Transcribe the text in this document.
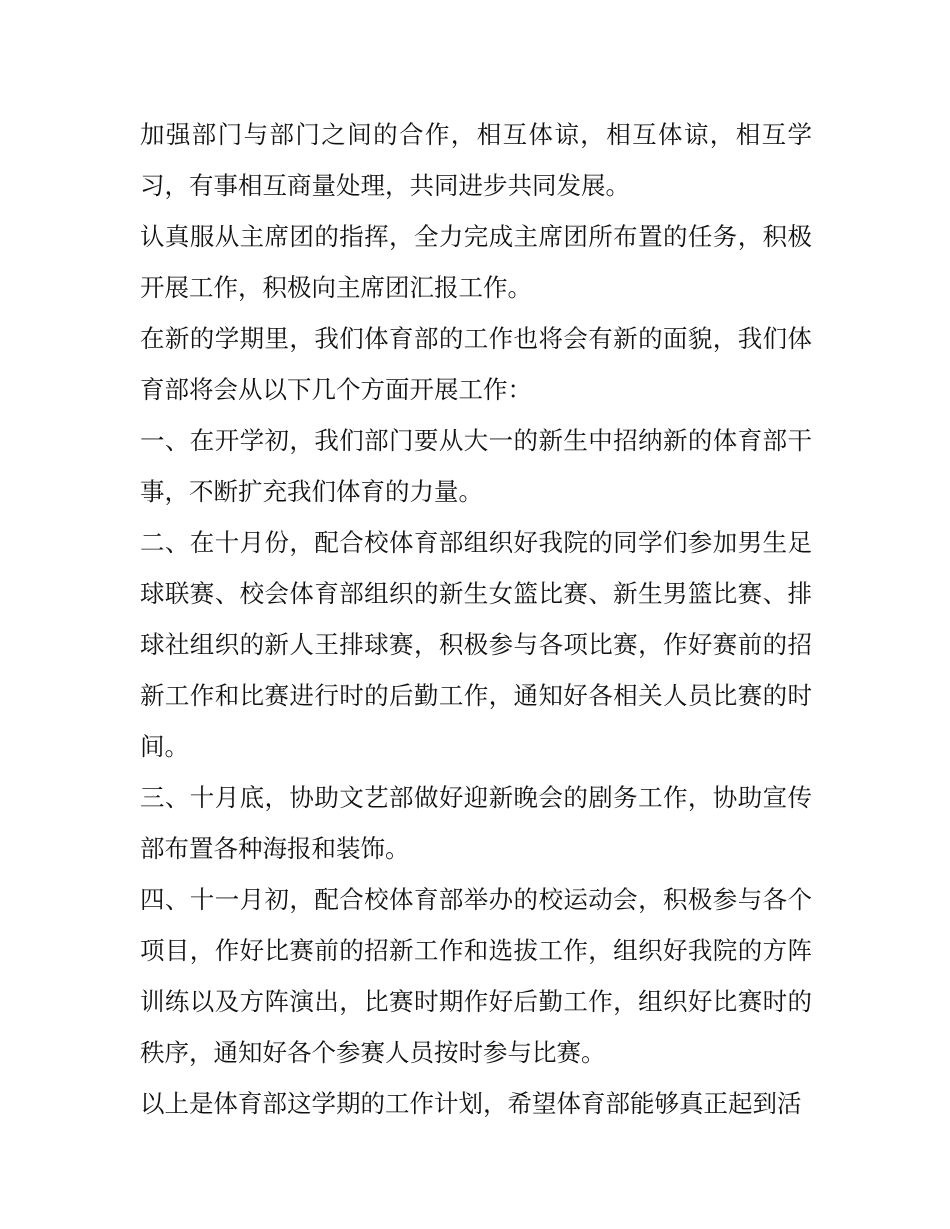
加强部门与部门之间的合作，相互体谅，相互体谅，相互学习，有事相互商量处理，共同进步共同发展。

认真服从主席团的指挥，全力完成主席团所布置的任务，积极开展工作，积极向主席团汇报工作。

在新的学期里，我们体育部的工作也将会有新的面貌，我们体育部将会从以下几个方面开展工作：

一、在开学初，我们部门要从大一的新生中招纳新的体育部干事，不断扩充我们体育的力量。

二、在十月份，配合校体育部组织好我院的同学们参加男生足球联赛、校会体育部组织的新生女篮比赛、新生男篮比赛、排球社组织的新人王排球赛，积极参与各项比赛，作好赛前的招新工作和比赛进行时的后勤工作，通知好各相关人员比赛的时间。

三、十月底，协助文艺部做好迎新晚会的剧务工作，协助宣传部布置各种海报和装饰。

四、十一月初，配合校体育部举办的校运动会，积极参与各个项目，作好比赛前的招新工作和选拔工作，组织好我院的方阵训练以及方阵演出，比赛时期作好后勤工作，组织好比赛时的秩序，通知好各个参赛人员按时参与比赛。

以上是体育部这学期的工作计划，希望体育部能够真正起到活
